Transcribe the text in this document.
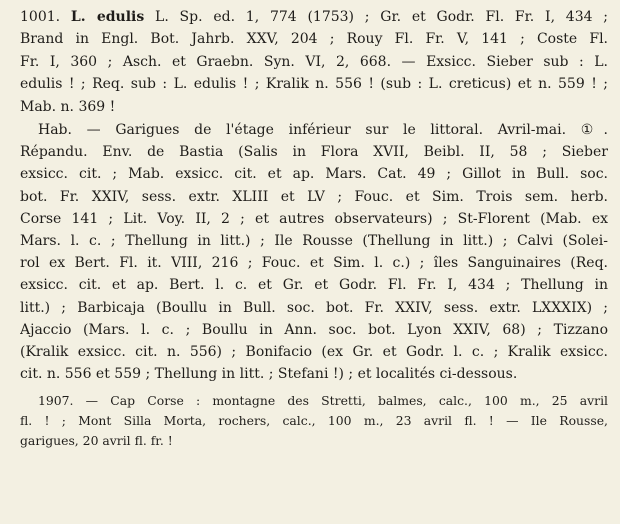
1001. L. edulis L. Sp. ed. 1, 774 (1753) ; Gr. et Godr. Fl. Fr. I, 434 ;
Brand in Engl. Bot. Jahrb. XXV, 204 ; Rouy Fl. Fr. V, 141 ; Coste Fl.
Fr. I, 360 ; Asch. et Graebn. Syn. VI, 2, 668. — Exsicc. Sieber sub : L.
edulis ! ; Req. sub : L. edulis ! ; Kralik n. 556 ! (sub : L. creticus) et n. 559 ! ;
Mab. n. 369 !
Hab. — Garigues de l'étage inférieur sur le littoral. Avril-mai. ①.
Répandu. Env. de Bastia (Salis in Flora XVII, Beibl. II, 58 ; Sieber
exsicc. cit. ; Mab. exsicc. cit. et ap. Mars. Cat. 49 ; Gillot in Bull. soc.
bot. Fr. XXIV, sess. extr. XLIII et LV ; Fouc. et Sim. Trois sem. herb.
Corse 141 ; Lit. Voy. II, 2 ; et autres observateurs) ; St-Florent (Mab. ex
Mars. l. c. ; Thellung in litt.) ; Ile Rousse (Thellung in litt.) ; Calvi (Solei-
rol ex Bert. Fl. it. VIII, 216 ; Fouc. et Sim. l. c.) ; îles Sanguinaires (Req.
exsicc. cit. et ap. Bert. l. c. et Gr. et Godr. Fl. Fr. I, 434 ; Thellung in
litt.) ; Barbicaja (Boullu in Bull. soc. bot. Fr. XXIV, sess. extr. LXXXIX) ;
Ajaccio (Mars. l. c. ; Boullu in Ann. soc. bot. Lyon XXIV, 68) ; Tizzano
(Kralik exsicc. cit. n. 556) ; Bonifacio (ex Gr. et Godr. l. c. ; Kralik exsicc.
cit. n. 556 et 559 ; Thellung in litt. ; Stefani !) ; et localités ci-dessous.
1907. — Cap Corse : montagne des Stretti, balmes, calc., 100 m., 25 avril
fl. ! ; Mont Silla Morta, rochers, calc., 100 m., 23 avril fl. ! — Ile Rousse,
garigues, 20 avril fl. fr. !
